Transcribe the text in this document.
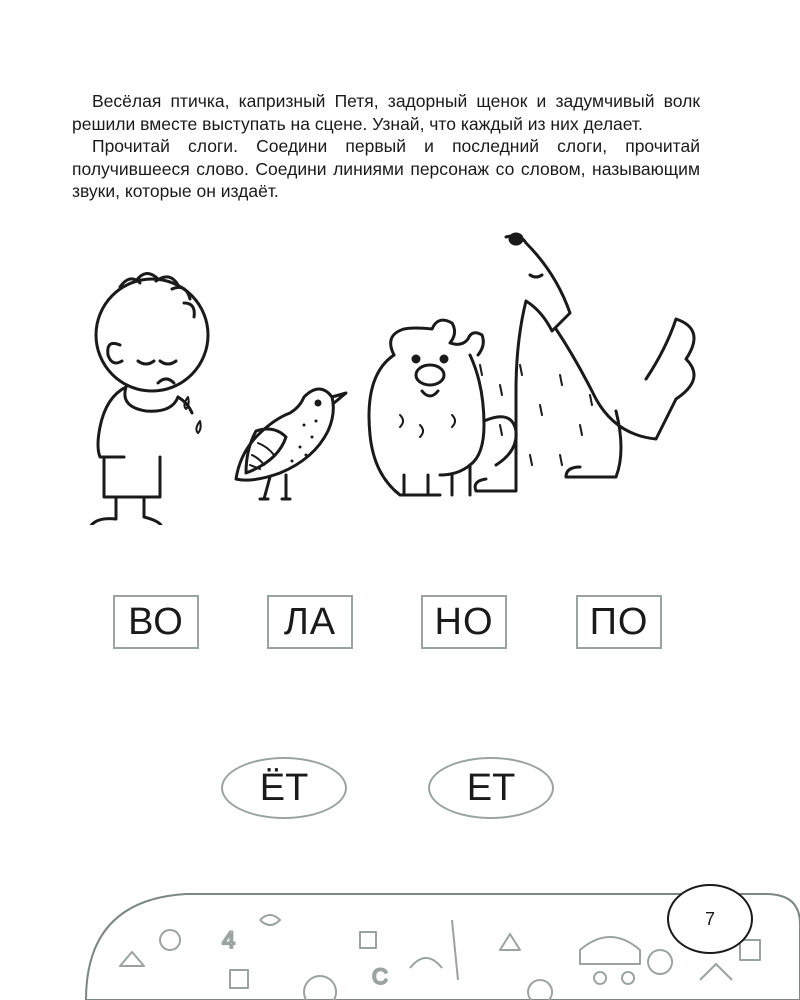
Весёлая птичка, капризный Петя, задорный щенок и задумчивый волк решили вместе выступать на сцене. Узнай, что каждый из них делает.

Прочитай слоги. Соедини первый и последний слоги, прочитай получившееся слово. Соедини линиями персонаж со словом, называющим звуки, которые он издаёт.

ВО	ЛА	НО	ПО
ЁТ	ЕТ
4
C
7
